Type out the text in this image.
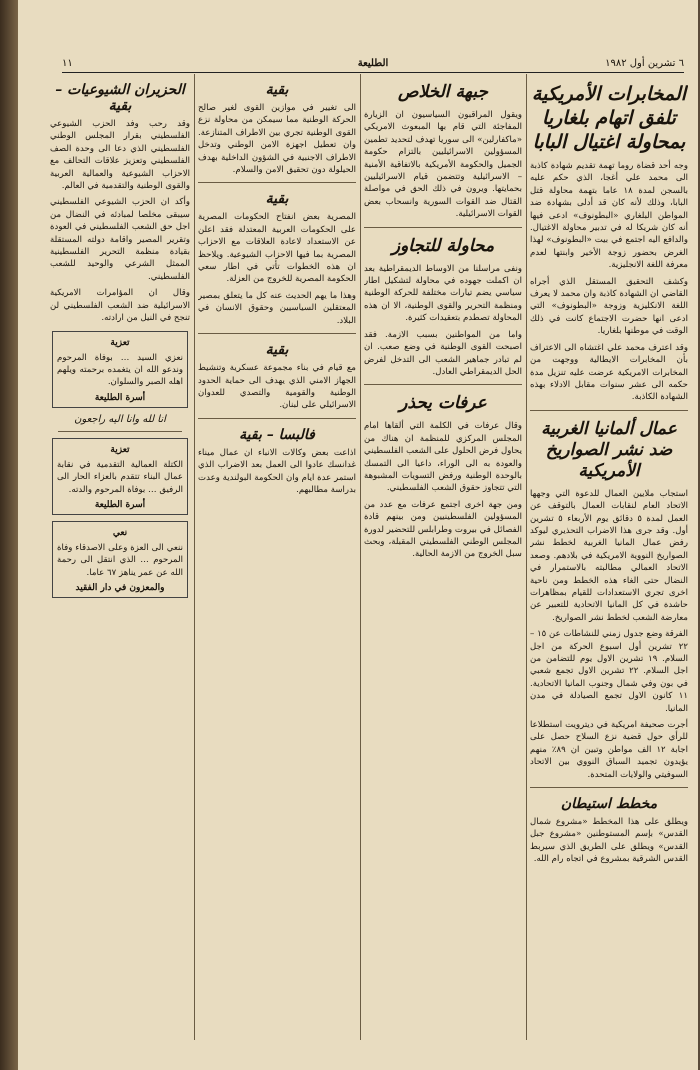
٦ تشرين أول ١٩٨٢
الطليعة
١١
المخابرات الأمريكية تلفق اتهام بلغاريا بمحاولة اغتيال البابا

وجه أحد قضاة روما تهمة تقديم شهادة كاذبة الى محمد علي أغجا، الذي حكم عليه بالسجن لمدة ١٨ عاما بتهمة محاولة قتل البابا، وذلك لأنه كان قد أدلى بشهادة ضد المواطن البلغاري «البطونوف» ادعى فيها أنه كان شريكا له في تدبير محاولة الاغتيال. والدافع اليه اجتمع في بيت «البطونوف» لهذا الغرض بحضور زوجة الأخير وابنتها لعدم معرفة اللغة الانجليزية.

وكشف التحقيق المستقل الذي أجراه القاضي ان الشهادة كاذبة وان محمد لا يعرف اللغة الانكليزية وزوجة «البطونوف» التي ادعى انها حضرت الاجتماع كانت في ذلك الوقت في موطنها بلغاريا.

وقد اعترف محمد علي اغتشاه الى الاعتراف بأن المخابرات الايطالية ووجهت من المخابرات الامريكية عرضت عليه تنزيل مدة حكمه الى عشر سنوات مقابل الادلاء بهذه الشهادة الكاذبة.

عمال ألمانيا الغربية ضد نشر الصواريخ الأمريكية

استجاب ملايين العمال للدعوة التي وجهها الاتحاد العام لنقابات العمال بالتوقف عن العمل لمدة ٥ دقائق يوم الأربعاء ٥ تشرين أول. وقد جرى هذا الاضراب التحذيري ليوكد رفض عمال المانيا الغربية لخطط نشر الصواريخ النووية الامريكية في بلادهم. وصعد الاتحاد العمالي مطالبته بالاستمرار في النضال حتى الغاء هذه الخطط ومن ناحية اخرى تجري الاستعدادات للقيام بمظاهرات حاشدة في كل المانيا الاتحادية للتعبير عن معارضة الشعب لخطط نشر الصواريخ.

الفرقة وضع جدول زمني للنشاطات عن ١٥ – ٢٢ تشرين أول اسبوع الحركة من اجل السلام. ١٩ تشرين الاول يوم للتضامن من اجل السلام. ٢٢ تشرين الاول تجمع شعبي في بون وفي شمال وجنوب المانيا الاتحادية. ١١ كانون الاول تجمع الصيادلة في مدن المانيا.

أجرت صحيفة امريكية في ديترويت استطلاعا للرأي حول قضية نزع السلاح حصل على اجابة ١٢ الف مواطن وتبين ان ٨٩٪ منهم يؤيدون تجميد السباق النووي بين الاتحاد السوفيتي والولايات المتحدة.

مخطط استيطان

ويطلق على هذا المخطط «مشروع شمال القدس» بإسم المستوطنين «مشروع جبل القدس» ويطلق على الطريق الذي سيربط القدس الشرقية بمشروع في اتجاه رام الله.

جبهة الخلاص

ويقول المراقبون السياسيون ان الزيارة المفاجئة التي قام بها المبعوث الامريكي «ماكفارلين» الى سوريا تهدف لتحديد تطمين المسؤولين الاسرائيليين بالتزام حكومة الجميل والحكومة الأمريكية بالاتفاقية الأمنية – الاسرائيلية وتتضمن قيام الاسرائيليين بحمايتها. ويرون في ذلك الحق في مواصلة القتال ضد القوات السورية وانسحاب بعض القوات الاسرائيلية.

محاولة للتجاوز

ونفى مراسلنا من الاوساط الديمقراطية بعد ان اكملت جهوده في محاولة لتشكيل اطار سياسي يضم تيارات مختلفة للحركة الوطنية ومنظمة التحرير والقوى الوطنية، الا ان هذه المحاولة تصطدم بتعقيدات كثيرة.

واما من المواطنين بسبب الازمة. فقد اصبحت القوى الوطنية في وضع صعب. ان لم تبادر جماهير الشعب الى التدخل لفرض الحل الديمقراطي العادل.

عرفات يحذر

وقال عرفات في الكلمة التي ألقاها امام المجلس المركزي للمنظمة ان هناك من يحاول فرض الحلول على الشعب الفلسطيني والعودة به الى الوراء، داعيا الى التمسك بالوحدة الوطنية ورفض التسويات المشبوهة التي تتجاوز حقوق الشعب الفلسطيني.

ومن جهة اخرى اجتمع عرفات مع عدد من المسؤولين الفلسطينيين ومن بينهم قادة الفصائل في بيروت وطرابلس للتحضير لدورة المجلس الوطني الفلسطيني المقبلة، وبحث سبل الخروج من الازمة الحالية.

بقية

الى تغيير في موازين القوى لغير صالح الحركة الوطنية مما سيمكن من محاولة نزع القوى الوطنية تجري بين الاطراف المتنازعة. وان تعطيل اجهزة الامن الوطني وتدخل الاطراف الاجنبية في الشؤون الداخلية بهدف الحيلولة دون تحقيق الامن والسلام.

بقية

المصرية بعض انفتاح الحكومات المصرية على الحكومات العربية المعتدلة فقد اعلن عن الاستعداد لاعادة العلاقات مع الاحزاب المصرية بما فيها الاحزاب الشيوعية. ويلاحظ ان هذه الخطوات تأتي في اطار سعي الحكومة المصرية للخروج من العزلة.

وهذا ما يهم الحديث عنه كل ما يتعلق بمصير المعتقلين السياسيين وحقوق الانسان في البلاد.

بقية

مع قيام في بناء مجموعة عسكرية وتنشيط الجهاز الامني الذي يهدف الى حماية الحدود الوطنية والقومية والتصدي للعدوان الاسرائيلي على لبنان.

فالبسا – بقية

اذاعت بعض وكالات الانباء ان عمال ميناء غدانسك عادوا الى العمل بعد الاضراب الذي استمر عدة ايام وان الحكومة البولندية وعدت بدراسة مطالبهم.

الحزيران الشيوعيات – بقية

وقد رحب وفد الحزب الشيوعي الفلسطيني بقرار المجلس الوطني الفلسطيني الذي دعا الى وحدة الصف الفلسطيني وتعزيز علاقات التحالف مع الاحزاب الشيوعية والعمالية العربية والقوى الوطنية والتقدمية في العالم.

وأكد ان الحزب الشيوعي الفلسطيني سيبقى مخلصا لمبادئه في النضال من اجل حق الشعب الفلسطيني في العودة وتقرير المصير واقامة دولته المستقلة بقيادة منظمة التحرير الفلسطينية الممثل الشرعي والوحيد للشعب الفلسطيني.

وقال ان المؤامرات الامريكية الاسرائيلية ضد الشعب الفلسطيني لن تنجح في النيل من ارادته.

تعزية

نعزي السيد … بوفاة المرحوم وندعو الله ان يتغمده برحمته ويلهم اهله الصبر والسلوان.

أسرة الطليعة
انا لله وانا اليه راجعون
تعزية

الكتلة العمالية التقدمية في نقابة عمال البناء تتقدم بالعزاء الحار الى الرفيق … بوفاة المرحوم والدته.

أسرة الطليعة
نعي

ننعي الى العزة وعلى الاصدقاء وفاة المرحوم … الذي انتقل الى رحمة الله عن عمر يناهز ٦٧ عاما.

والمعزون في دار الفقيد
